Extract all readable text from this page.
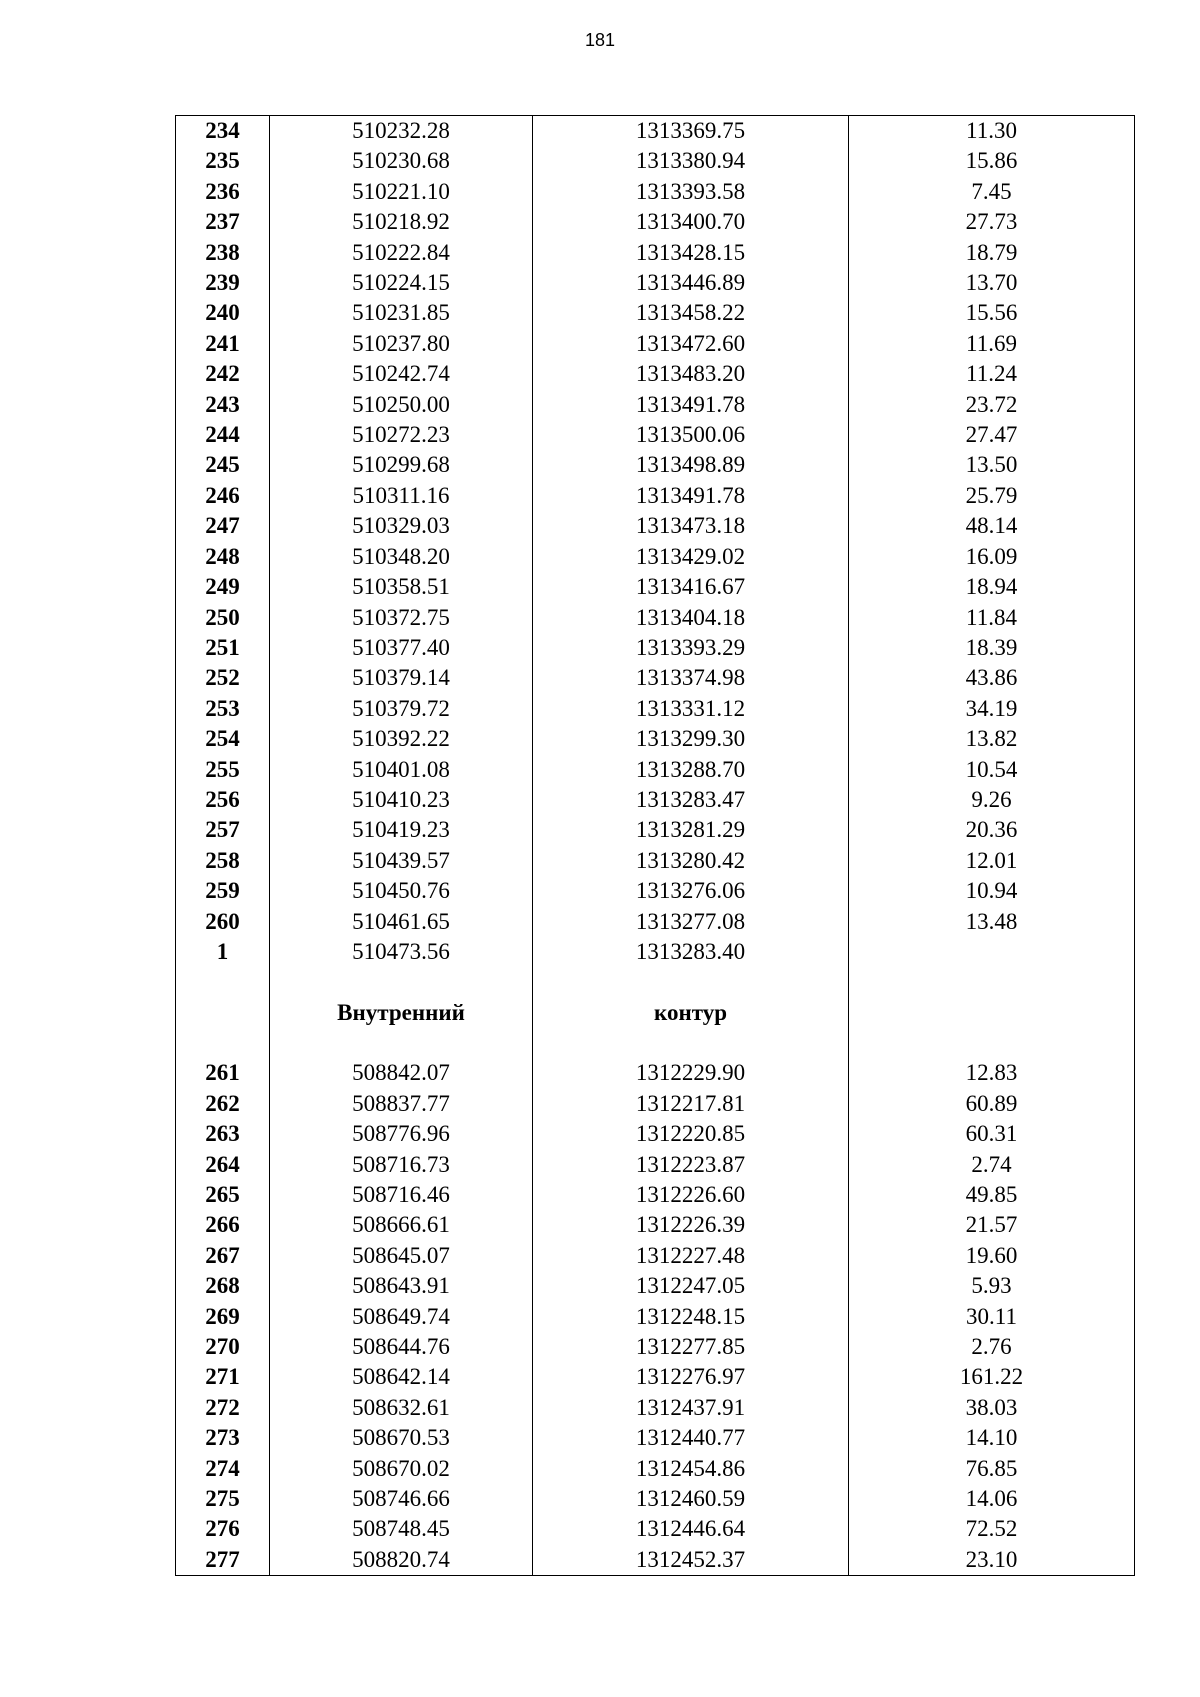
181
234	510232.28	1313369.75	11.30
235	510230.68	1313380.94	15.86
236	510221.10	1313393.58	7.45
237	510218.92	1313400.70	27.73
238	510222.84	1313428.15	18.79
239	510224.15	1313446.89	13.70
240	510231.85	1313458.22	15.56
241	510237.80	1313472.60	11.69
242	510242.74	1313483.20	11.24
243	510250.00	1313491.78	23.72
244	510272.23	1313500.06	27.47
245	510299.68	1313498.89	13.50
246	510311.16	1313491.78	25.79
247	510329.03	1313473.18	48.14
248	510348.20	1313429.02	16.09
249	510358.51	1313416.67	18.94
250	510372.75	1313404.18	11.84
251	510377.40	1313393.29	18.39
252	510379.14	1313374.98	43.86
253	510379.72	1313331.12	34.19
254	510392.22	1313299.30	13.82
255	510401.08	1313288.70	10.54
256	510410.23	1313283.47	9.26
257	510419.23	1313281.29	20.36
258	510439.57	1313280.42	12.01
259	510450.76	1313276.06	10.94
260	510461.65	1313277.08	13.48
1	510473.56	1313283.40	
	Внутренний	контур	
261	508842.07	1312229.90	12.83
262	508837.77	1312217.81	60.89
263	508776.96	1312220.85	60.31
264	508716.73	1312223.87	2.74
265	508716.46	1312226.60	49.85
266	508666.61	1312226.39	21.57
267	508645.07	1312227.48	19.60
268	508643.91	1312247.05	5.93
269	508649.74	1312248.15	30.11
270	508644.76	1312277.85	2.76
271	508642.14	1312276.97	161.22
272	508632.61	1312437.91	38.03
273	508670.53	1312440.77	14.10
274	508670.02	1312454.86	76.85
275	508746.66	1312460.59	14.06
276	508748.45	1312446.64	72.52
277	508820.74	1312452.37	23.10
